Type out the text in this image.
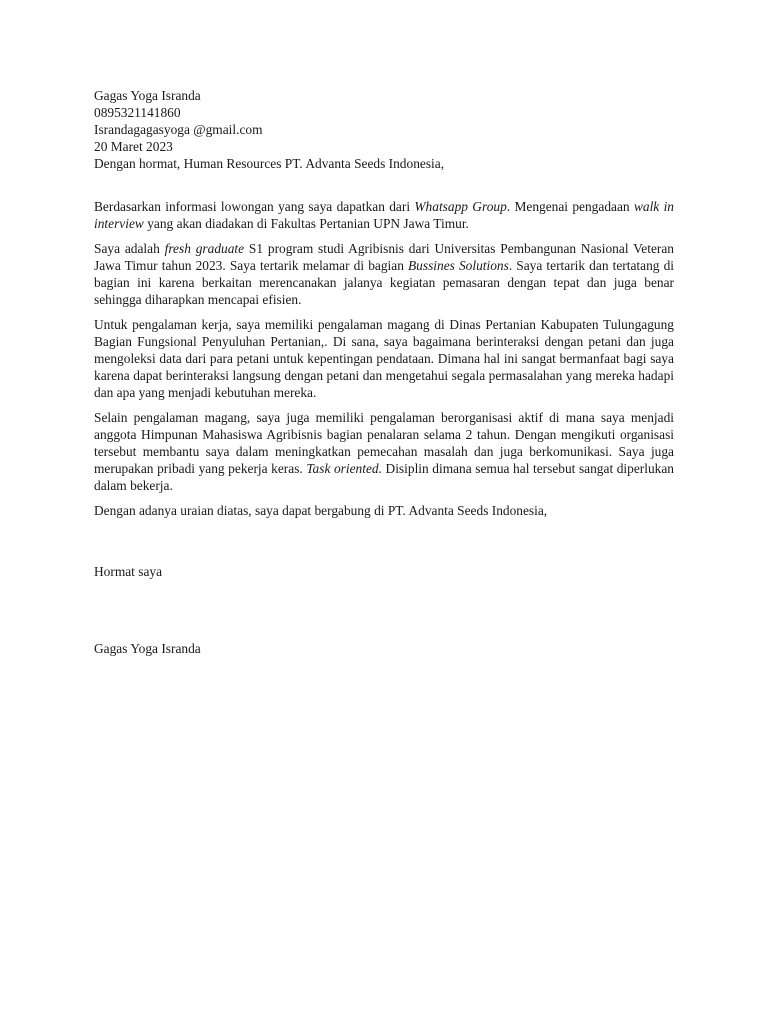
Gagas Yoga Isranda

0895321141860

Israndagagasyoga @gmail.com

20 Maret 2023

Dengan hormat, Human Resources PT. Advanta Seeds Indonesia,

Berdasarkan informasi lowongan yang saya dapatkan dari Whatsapp Group. Mengenai pengadaan walk in interview yang akan diadakan di Fakultas Pertanian UPN Jawa Timur.

Saya adalah fresh graduate S1 program studi Agribisnis dari Universitas Pembangunan Nasional Veteran Jawa Timur tahun 2023. Saya tertarik melamar di bagian Bussines Solutions. Saya tertarik dan tertatang di bagian ini karena berkaitan merencanakan jalanya kegiatan pemasaran dengan tepat dan juga benar sehingga diharapkan mencapai efisien.

Untuk pengalaman kerja, saya memiliki pengalaman magang di Dinas Pertanian Kabupaten Tulungagung Bagian Fungsional Penyuluhan Pertanian,. Di sana, saya bagaimana berinteraksi dengan petani dan juga mengoleksi data dari para petani untuk kepentingan pendataan. Dimana hal ini sangat bermanfaat bagi saya karena dapat berinteraksi langsung dengan petani dan mengetahui segala permasalahan yang mereka hadapi dan apa yang menjadi kebutuhan mereka.

Selain pengalaman magang, saya juga memiliki pengalaman berorganisasi aktif di mana saya menjadi anggota Himpunan Mahasiswa Agribisnis bagian penalaran selama 2 tahun. Dengan mengikuti organisasi tersebut membantu saya dalam meningkatkan pemecahan masalah dan juga berkomunikasi. Saya juga merupakan pribadi yang pekerja keras. Task oriented. Disiplin dimana semua hal tersebut sangat diperlukan dalam bekerja.

Dengan adanya uraian diatas, saya dapat bergabung di PT. Advanta Seeds Indonesia,

Hormat saya

Gagas Yoga Isranda
